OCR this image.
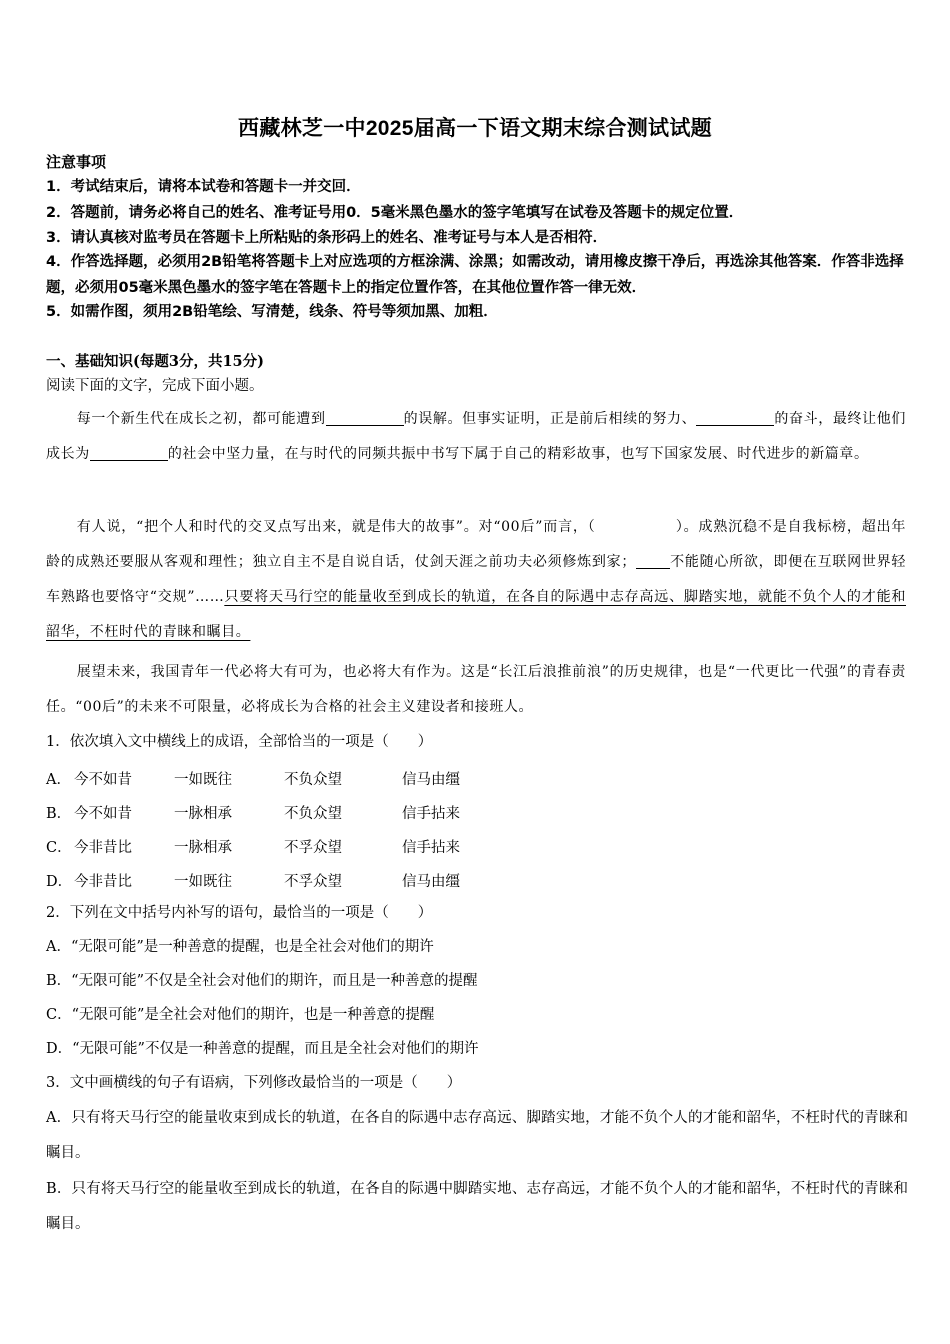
西藏林芝一中2025届高一下语文期末综合测试试题
注意事项
1．考试结束后，请将本试卷和答题卡一并交回．
2．答题前，请务必将自己的姓名、准考证号用0．5毫米黑色墨水的签字笔填写在试卷及答题卡的规定位置．
3．请认真核对监考员在答题卡上所粘贴的条形码上的姓名、准考证号与本人是否相符．
4．作答选择题，必须用2B铅笔将答题卡上对应选项的方框涂满、涂黑；如需改动，请用橡皮擦干净后，再选涂其他答案．作答非选择题，必须用05毫米黑色墨水的签字笔在答题卡上的指定位置作答，在其他位置作答一律无效．
5．如需作图，须用2B铅笔绘、写清楚，线条、符号等须加黑、加粗．
一、基础知识(每题3分，共15分)
阅读下面的文字，完成下面小题。
每一个新生代在成长之初，都可能遭到	的误解。但事实证明，正是前后相续的努力、	的奋斗，最终让他们成长为	的社会中坚力量，在与时代的同频共振中书写下属于自己的精彩故事，也写下国家发展、时代进步的新篇章。
有人说，“把个人和时代的交叉点写出来，就是伟大的故事”。对“00后”而言，（	）。成熟沉稳不是自我标榜，超出年龄的成熟还要服从客观和理性；独立自主不是自说自话，仗剑天涯之前功夫必须修炼到家； 不能随心所欲，即便在互联网世界轻车熟路也要恪守“交规”……只要将天马行空的能量收至到成长的轨道，在各自的际遇中志存高远、脚踏实地，就能不负个人的才能和韶华，不枉时代的青睐和瞩目。
展望未来，我国青年一代必将大有可为，也必将大有作为。这是“长江后浪推前浪”的历史规律，也是“一代更比一代强”的青春责任。“00后”的未来不可限量，必将成长为合格的社会主义建设者和接班人。
1．依次填入文中横线上的成语，全部恰当的一项是（　　）
A． 今不如昔	一如既往	不负众望	信马由缰
B． 今不如昔	一脉相承	不负众望	信手拈来
C． 今非昔比	一脉相承	不孚众望	信手拈来
D． 今非昔比	一如既往	不孚众望	信马由缰
2．下列在文中括号内补写的语句，最恰当的一项是（　　）
A．“无限可能”是一种善意的提醒，也是全社会对他们的期许
B．“无限可能”不仅是全社会对他们的期许，而且是一种善意的提醒
C．“无限可能”是全社会对他们的期许，也是一种善意的提醒
D．“无限可能”不仅是一种善意的提醒，而且是全社会对他们的期许
3．文中画横线的句子有语病，下列修改最恰当的一项是（　　）
A．只有将天马行空的能量收束到成长的轨道，在各自的际遇中志存高远、脚踏实地，才能不负个人的才能和韶华，不枉时代的青睐和瞩目。
B．只有将天马行空的能量收至到成长的轨道，在各自的际遇中脚踏实地、志存高远，才能不负个人的才能和韶华，不枉时代的青睐和瞩目。
